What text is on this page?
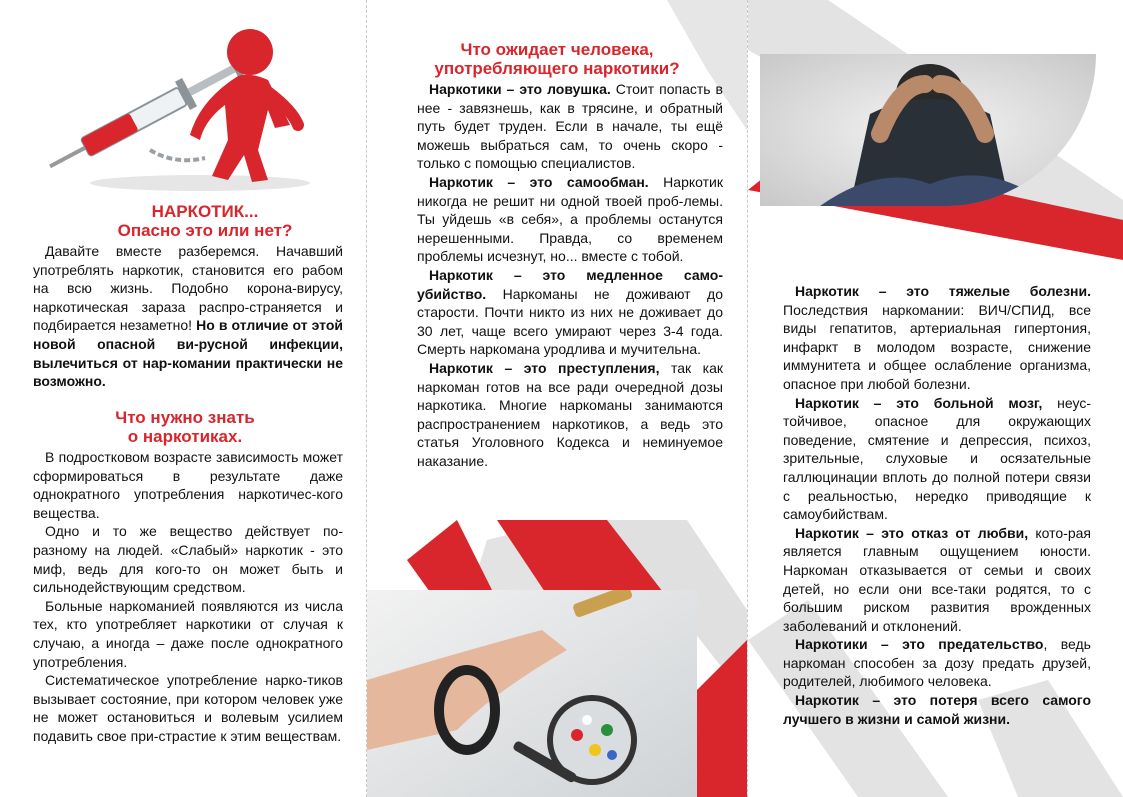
НАРКОТИК...

Опасно это или нет?

Давайте вместе разберемся. Начавший употреблять наркотик, становится его рабом на всю жизнь. Подобно корона-вирусу, наркотическая зараза распро-страняется и подбирается незаметно! Но в отличие от этой новой опасной ви-русной инфекции, вылечиться от нар-комании практически не возможно.

Что нужно знать

о наркотиках.

В подростковом возрасте зависимость может сформироваться в результате даже однократного употребления наркотичес-кого вещества.

Одно и то же вещество действует по-разному на людей. «Слабый» наркотик - это миф, ведь для кого-то он может быть и сильнодействующим средством.

Больные наркоманией появляются из числа тех, кто употребляет наркотики от случая к случаю, а иногда – даже после однократного употребления.

Систематическое употребление нарко-тиков вызывает состояние, при котором человек уже не может остановиться и волевым усилием подавить свое при-страстие к этим веществам.

Что ожидает человека,

употребляющего наркотики?

Наркотики – это ловушка. Стоит попасть в нее - завязнешь, как в трясине, и обратный путь будет труден. Если в начале, ты ещё можешь выбраться сам, то очень скоро - только с помощью специалистов.

Наркотик – это самообман. Наркотик никогда не решит ни одной твоей проб-лемы. Ты уйдешь «в себя», а проблемы останутся нерешенными. Правда, со временем проблемы исчезнут, но... вместе с тобой.

Наркотик – это медленное само-убийство. Наркоманы не доживают до старости. Почти никто из них не доживает до 30 лет, чаще всего умирают через 3-4 года. Смерть наркомана уродлива и мучительна.

Наркотик – это преступления, так как наркоман готов на все ради очередной дозы наркотика. Многие наркоманы занимаются распространением наркотиков, а ведь это статья Уголовного Кодекса и неминуемое наказание.

Наркотик – это тяжелые болезни. Последствия наркомании: ВИЧ/СПИД, все виды гепатитов, артериальная гипертония, инфаркт в молодом возрасте, снижение иммунитета и общее ослабление организма, опасное при любой болезни.

Наркотик – это больной мозг, неус-тойчивое, опасное для окружающих поведение, смятение и депрессия, психоз, зрительные, слуховые и осязательные галлюцинации вплоть до полной потери связи с реальностью, нередко приводящие к самоубийствам.

Наркотик – это отказ от любви, кото-рая является главным ощущением юности. Наркоман отказывается от семьи и своих детей, но если они все-таки родятся, то с большим риском развития врожденных заболеваний и отклонений.

Наркотики – это предательство, ведь наркоман способен за дозу предать друзей, родителей, любимого человека.

Наркотик – это потеря всего самого лучшего в жизни и самой жизни.
